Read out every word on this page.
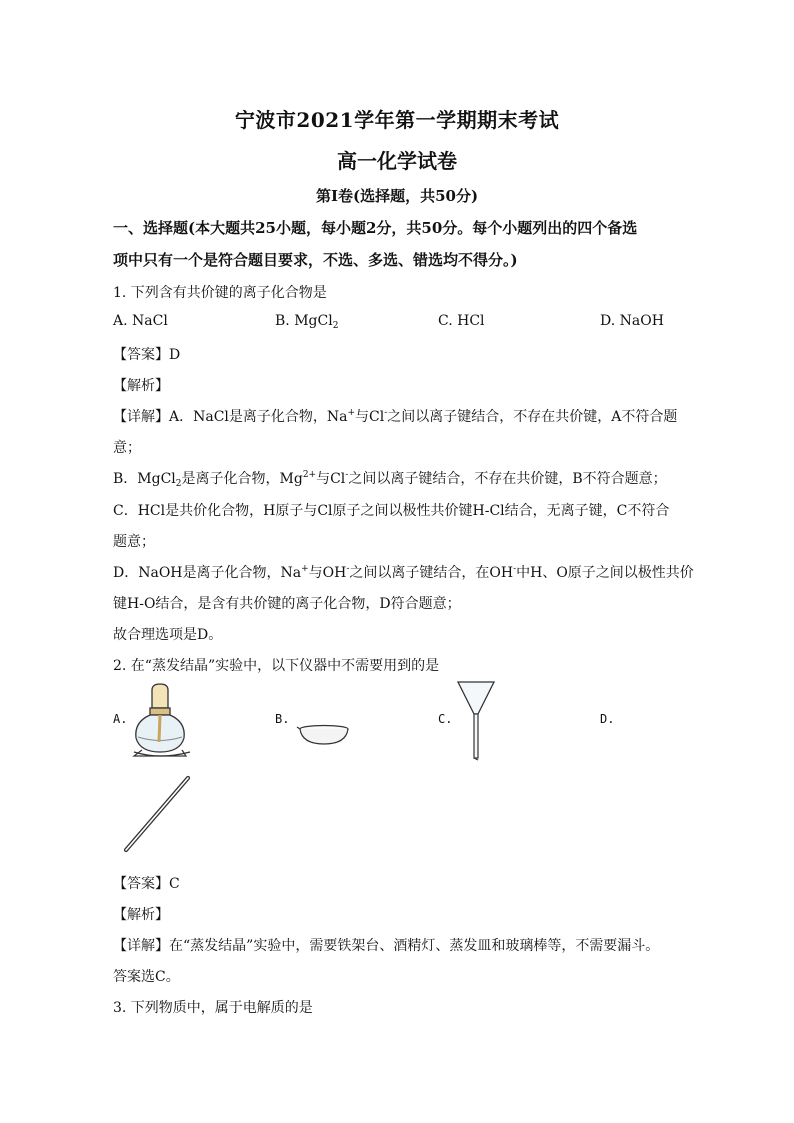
宁波市2021学年第一学期期末考试
高一化学试卷
第Ⅰ卷(选择题，共50分)
一、选择题(本大题共25小题，每小题2分，共50分。每个小题列出的四个备选
项中只有一个是符合题目要求，不选、多选、错选均不得分。)
1. 下列含有共价键的离子化合物是
A. NaCl	B. MgCl$_2$	C. HCl	D. NaOH
【答案】D
【解析】
【详解】A．NaCl是离子化合物，Na+与Cl-之间以离子键结合，不存在共价键，A不符合题
意；
B．MgCl$_2$是离子化合物，$Mg^{2+}$与Cl-之间以离子键结合，不存在共价键，B不符合题意；
C．HCl是共价化合物，H原子与Cl原子之间以极性共价键H-Cl结合，无离子键，C不符合
题意；
D．NaOH是离子化合物，Na+与OH-之间以离子键结合，在OH-中H、O原子之间以极性共价
键H-O结合，是含有共价键的离子化合物，D符合题意；
故合理选项是D。
2. 在“蒸发结晶”实验中，以下仪器中不需要用到的是
A.	B.	C.	D.
【答案】C
【解析】
【详解】在“蒸发结晶”实验中，需要铁架台、酒精灯、蒸发皿和玻璃棒等，不需要漏斗。
答案选C。
3. 下列物质中，属于电解质的是
